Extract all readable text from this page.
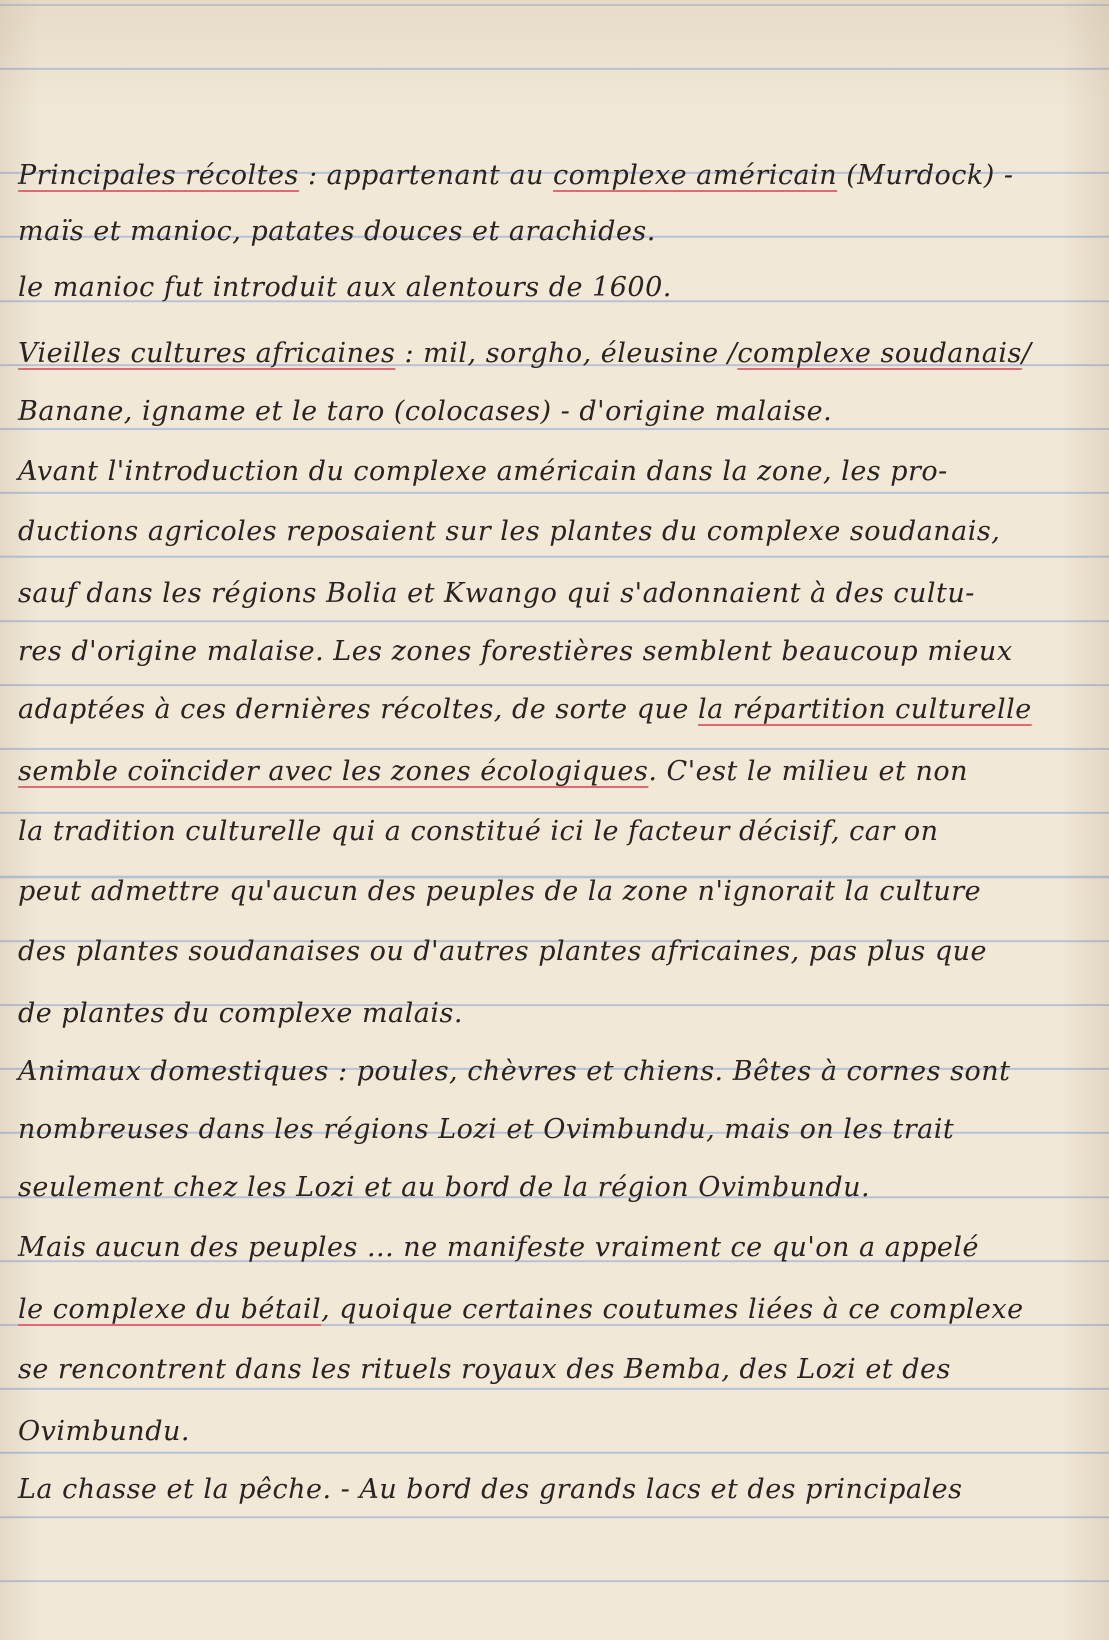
Principales récoltes : appartenant au complexe américain (Murdock) -
maïs et manioc, patates douces et arachides.
le manioc fut introduit aux alentours de 1600.
Vieilles cultures africaines : mil, sorgho, éleusine /complexe soudanais/
Banane, igname et le taro (colocases) - d'origine malaise.
Avant l'introduction du complexe américain dans la zone, les pro-
ductions agricoles reposaient sur les plantes du complexe soudanais,
sauf dans les régions Bolia et Kwango qui s'adonnaient à des cultu-
res d'origine malaise. Les zones forestières semblent beaucoup mieux
adaptées à ces dernières récoltes, de sorte que la répartition culturelle
semble coïncider avec les zones écologiques. C'est le milieu et non
la tradition culturelle qui a constitué ici le facteur décisif, car on
peut admettre qu'aucun des peuples de la zone n'ignorait la culture
des plantes soudanaises ou d'autres plantes africaines, pas plus que
de plantes du complexe malais.
Animaux domestiques : poules, chèvres et chiens. Bêtes à cornes sont
nombreuses dans les régions Lozi et Ovimbundu, mais on les trait
seulement chez les Lozi et au bord de la région Ovimbundu.
Mais aucun des peuples ... ne manifeste vraiment ce qu'on a appelé
le complexe du bétail, quoique certaines coutumes liées à ce complexe
se rencontrent dans les rituels royaux des Bemba, des Lozi et des
Ovimbundu.
La chasse et la pêche. - Au bord des grands lacs et des principales
